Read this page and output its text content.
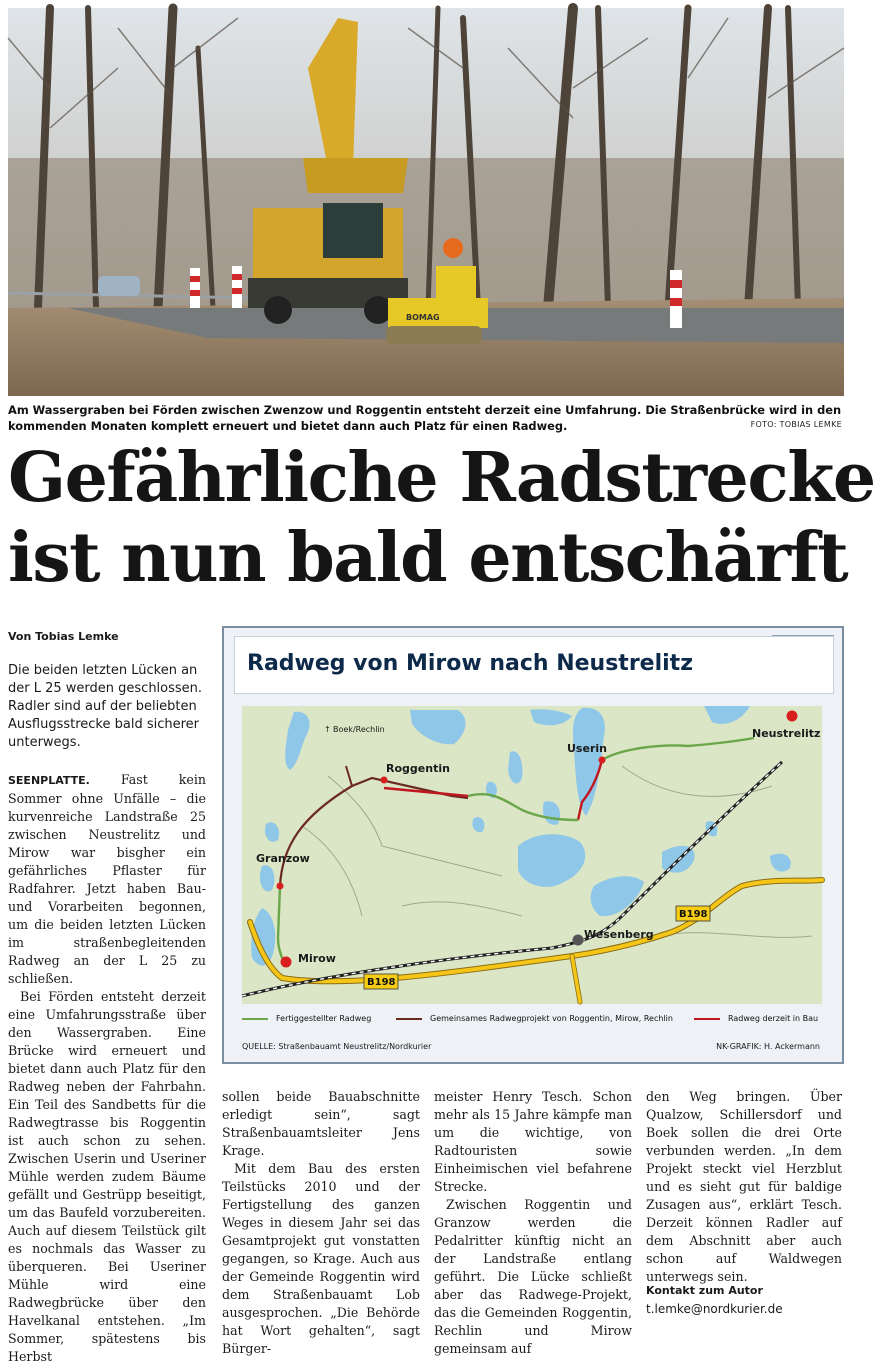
BOMAG
Am Wassergraben bei Förden zwischen Zwenzow und Roggentin entsteht derzeit eine Umfahrung. Die Straßenbrücke wird in den kommenden Monaten komplett erneuert und bietet dann auch Platz für einen Radweg.	FOTO: TOBIAS LEMKE
Gefährliche Radstrecke
ist nun bald entschärft
Von Tobias Lemke
Die beiden letzten Lücken an der L 25 werden geschlossen. Radler sind auf der beliebten Ausflugsstrecke bald sicherer unterwegs.

SEENPLATTE. Fast kein Sommer ohne Unfälle – die kurvenreiche Landstraße 25 zwischen Neustrelitz und Mirow war bisgher ein gefährliches Pflaster für Radfahrer. Jetzt haben Bau- und Vorarbeiten begonnen, um die beiden letzten Lücken im straßenbegleitenden Radweg an der L 25 zu schließen.

Bei Förden entsteht derzeit eine Umfahrungsstraße über den Wassergraben. Eine Brücke wird erneuert und bietet dann auch Platz für den Radweg neben der Fahrbahn. Ein Teil des Sandbetts für die Radwegtrasse bis Roggentin ist auch schon zu sehen. Zwischen Userin und Useriner Mühle werden zudem Bäume gefällt und Gestrüpp beseitigt, um das Baufeld vorzubereiten. Auch auf diesem Teilstück gilt es nochmals das Wasser zu überqueren. Bei Useriner Mühle wird eine Radwegbrücke über den Havelkanal entstehen. „Im Sommer, spätestens bis Herbst

sollen beide Bauabschnitte erledigt sein“, sagt Straßenbauamtsleiter Jens Krage.

Mit dem Bau des ersten Teilstücks 2010 und der Fertigstellung des ganzen Weges in diesem Jahr sei das Gesamtprojekt gut vonstatten gegangen, so Krage. Auch aus der Gemeinde Roggentin wird dem Straßenbauamt Lob ausgesprochen. „Die Behörde hat Wort gehalten“, sagt Bürger-

meister Henry Tesch. Schon mehr als 15 Jahre kämpfe man um die wichtige, von Radtouristen sowie Einheimischen viel befahrene Strecke.

Zwischen Roggentin und Granzow werden die Pedalritter künftig nicht an der Landstraße entlang geführt. Die Lücke schließt aber das Radwege-Projekt, das die Gemeinden Roggentin, Rechlin und Mirow gemeinsam auf

den Weg bringen. Über Qualzow, Schillersdorf und Boek sollen die drei Orte verbunden werden. „In dem Projekt steckt viel Herzblut und es sieht gut für baldige Zusagen aus“, erklärt Tesch. Derzeit können Radler auf dem Abschnitt aber auch schon auf Waldwegen unterwegs sein.

Kontakt zum Autor
t.lemke@nordkurier.de
Radweg von Mirow nach Neustrelitz
Neustrelitz
Userin
Roggentin
Granzow
Mirow
Wesenberg
↑ Boek/Rechlin
B198
B198
Fertiggestellter Radweg	Gemeinsames Radwegprojekt von Roggentin, Mirow, Rechlin	Radweg derzeit in Bau
QUELLE: Straßenbauamt Neustrelitz/Nordkurier	NK-GRAFIK: H. Ackermann
